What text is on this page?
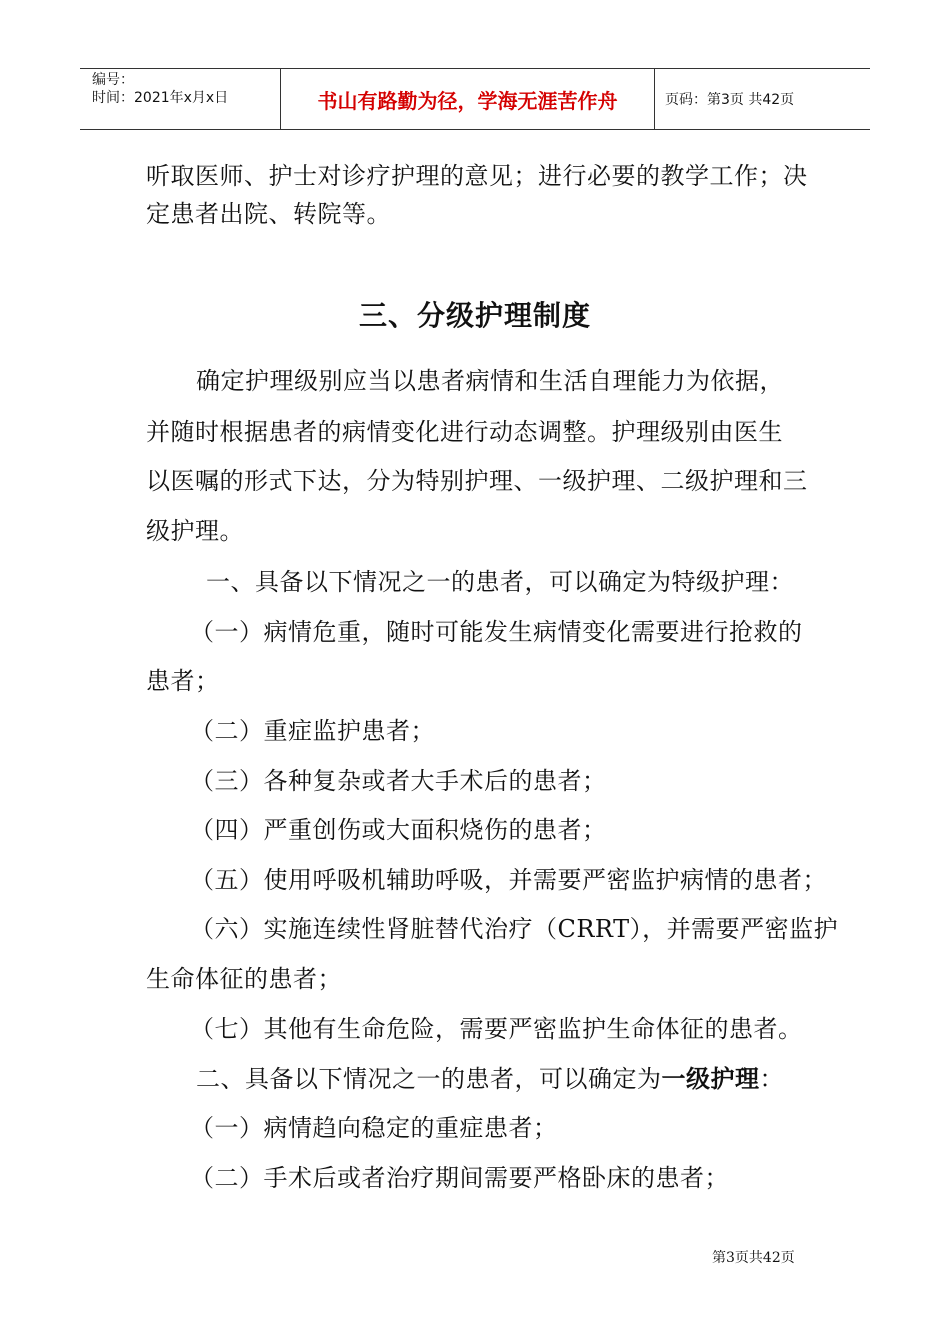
编号：
时间：2021年x月x日	书山有路勤为径，学海无涯苦作舟	页码：第3页 共42页
听取医师、护士对诊疗护理的意见；进行必要的教学工作；决
定患者出院、转院等。
三、分级护理制度
确定护理级别应当以患者病情和生活自理能力为依据，
并随时根据患者的病情变化进行动态调整。护理级别由医生
以医嘱的形式下达，分为特别护理、一级护理、二级护理和三
级护理。
一、具备以下情况之一的患者，可以确定为特级护理：
（一）病情危重，随时可能发生病情变化需要进行抢救的
患者；
（二）重症监护患者；
（三）各种复杂或者大手术后的患者；
（四）严重创伤或大面积烧伤的患者；
（五）使用呼吸机辅助呼吸，并需要严密监护病情的患者；
（六）实施连续性肾脏替代治疗（CRRT），并需要严密监护
生命体征的患者；
（七）其他有生命危险，需要严密监护生命体征的患者。
二、具备以下情况之一的患者，可以确定为一级护理：
（一）病情趋向稳定的重症患者；
（二）手术后或者治疗期间需要严格卧床的患者；
第3页共42页
